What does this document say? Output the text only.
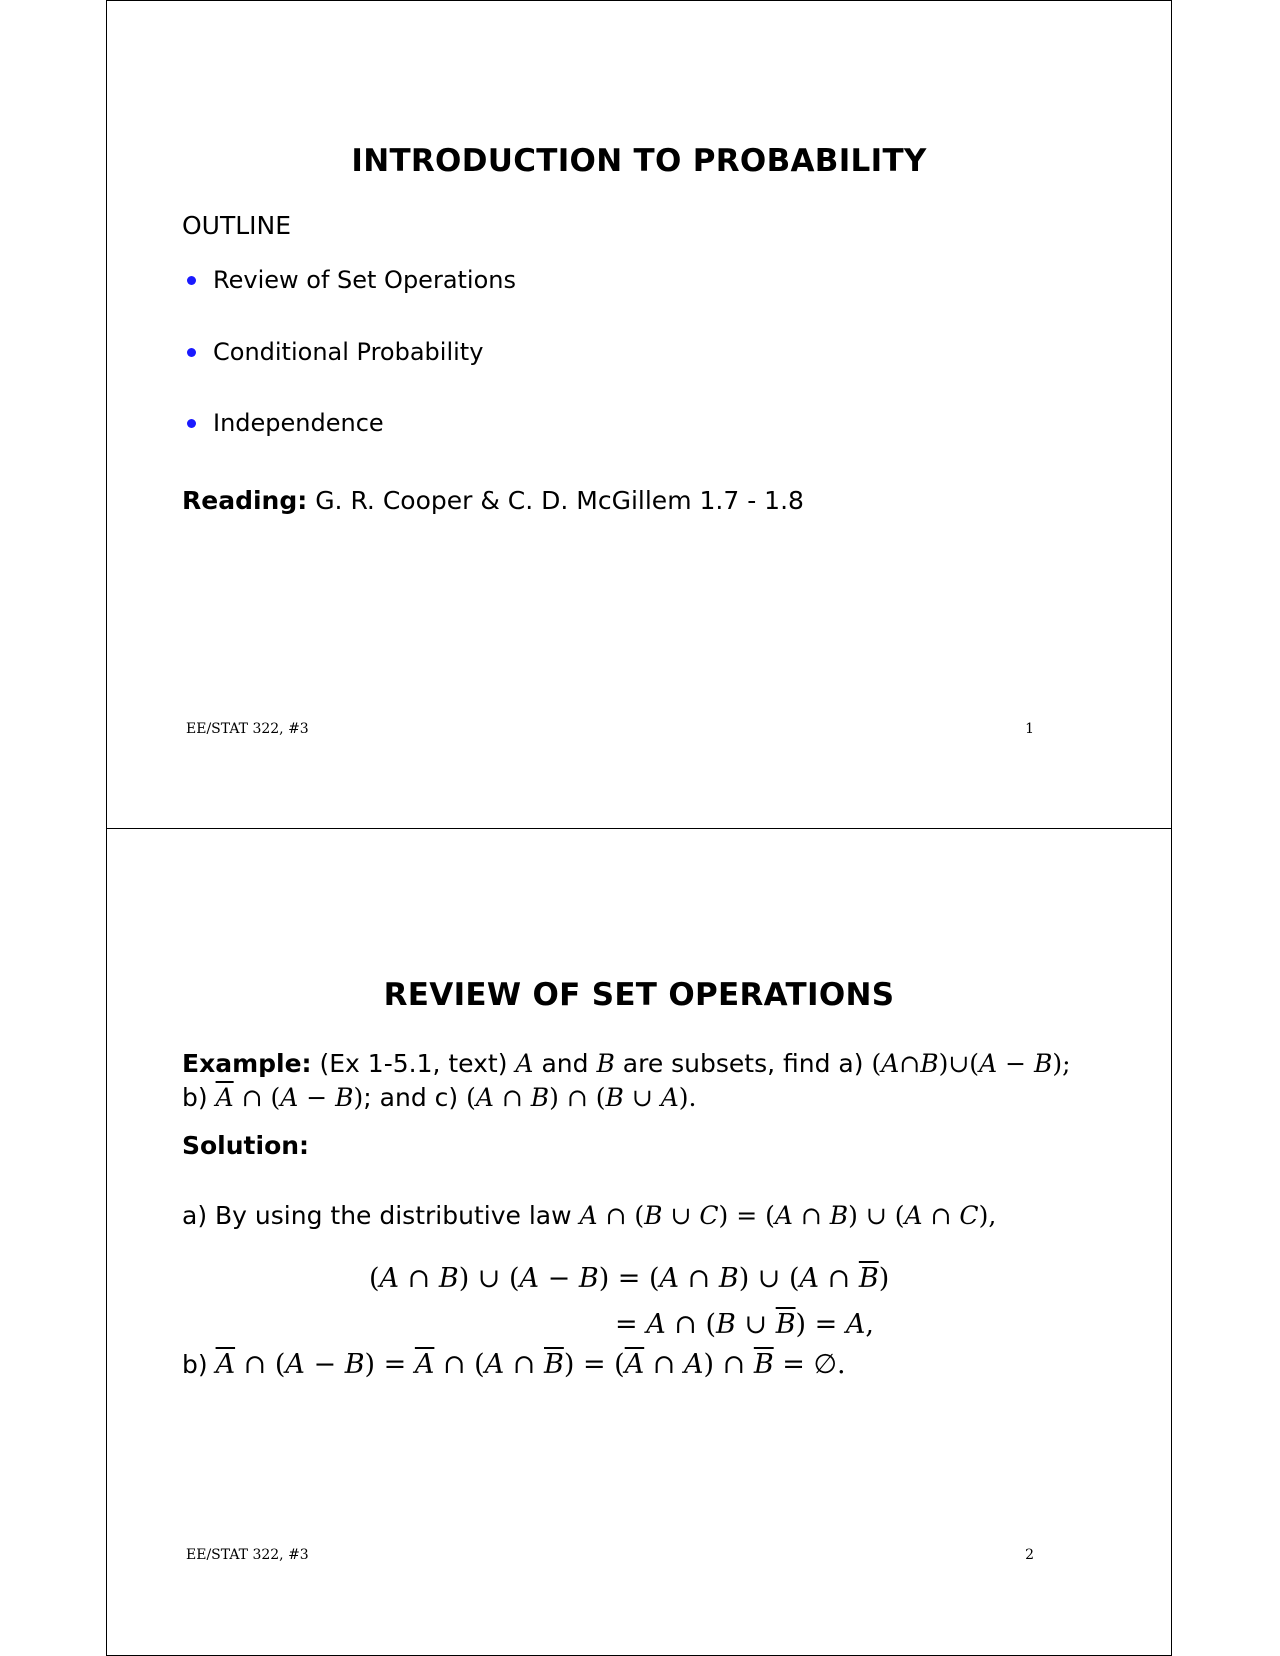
INTRODUCTION TO PROBABILITY
OUTLINE
Review of Set Operations
Conditional Probability
Independence
Reading: G. R. Cooper & C. D. McGillem 1.7 - 1.8
EE/STAT 322, #3	1
REVIEW OF SET OPERATIONS
Example: (Ex 1-5.1, text) A and B are subsets, find a) (A∩B)∪(A − B);
b) $\overline{A}$ ∩ (A − B); and c) (A ∩ B) ∩ (B ∪ A).
Solution:
a) By using the distributive law A ∩ (B ∪ C) = (A ∩ B) ∪ (A ∩ C),
(A ∩ B) ∪ (A − B) = (A ∩ B) ∪ (A ∩ $\overline{B}$)
= A ∩ (B ∪ $\overline{B}) = A$,
b) $\overline{A}$ ∩ $(A - B) = \overline{A}$ ∩ (A ∩ $\overline{B}) = (\overline{A}$ ∩ A) ∩ $\overline{B}$ = ∅.
EE/STAT 322, #3	2
